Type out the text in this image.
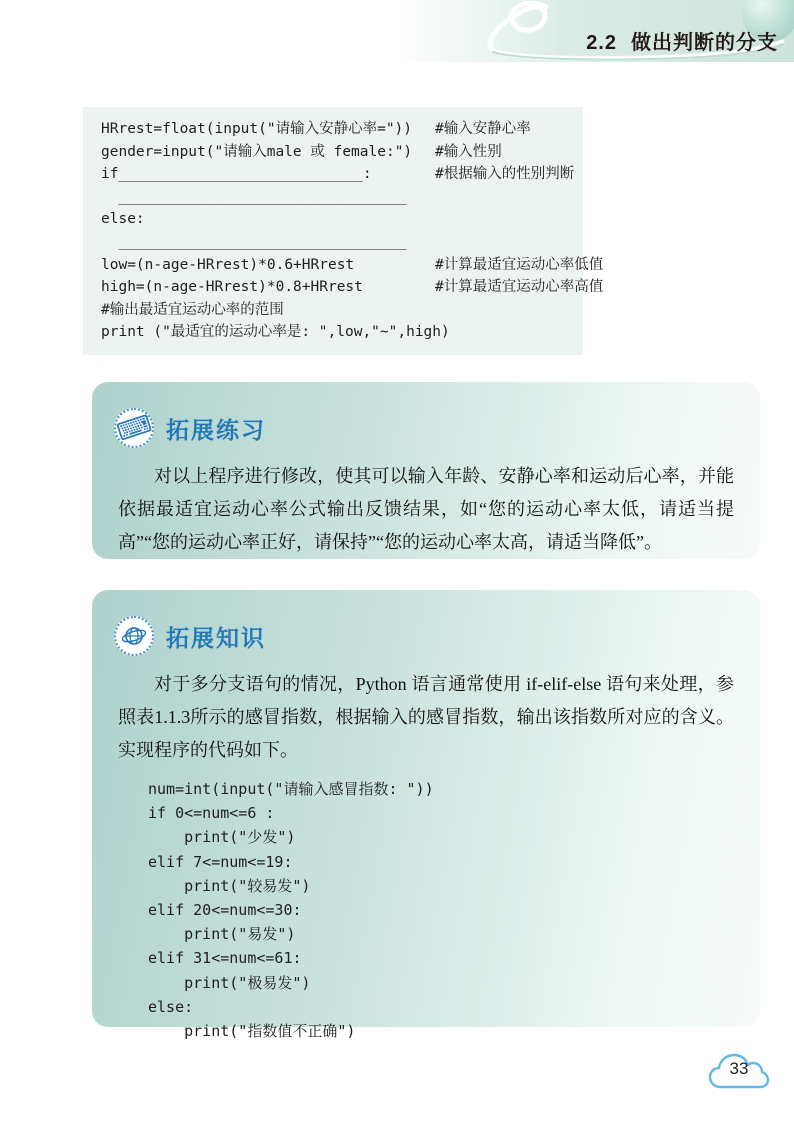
2.2 做出判断的分支
HRrest=float(input("请输入安静心率="))	#输入安静心率
gender=input("请输入male 或 female:")	#输入性别
if____________________________:	#根据输入的性别判断
_________________________________
else:
_________________________________
low=(n-age-HRrest)*0.6+HRrest	#计算最适宜运动心率低值
high=(n-age-HRrest)*0.8+HRrest	#计算最适宜运动心率高值
#输出最适宜运动心率的范围
print ("最适宜的运动心率是: ",low,"~",high)
⌨ 拓展练习

对以上程序进行修改，使其可以输入年龄、安静心率和运动后心率，并能依据最适宜运动心率公式输出反馈结果，如“您的运动心率太低，请适当提高”“您的运动心率正好，请保持”“您的运动心率太高，请适当降低”。

拓展知识

对于多分支语句的情况，Python 语言通常使用 if-elif-else 语句来处理，参照表1.1.3所示的感冒指数，根据输入的感冒指数，输出该指数所对应的含义。实现程序的代码如下。

num=int(input("请输入感冒指数: "))
if 0<=num<=6 :
print("少发")
elif 7<=num<=19:
print("较易发")
elif 20<=num<=30:
print("易发")
elif 31<=num<=61:
print("极易发")
else:
print("指数值不正确")
33
